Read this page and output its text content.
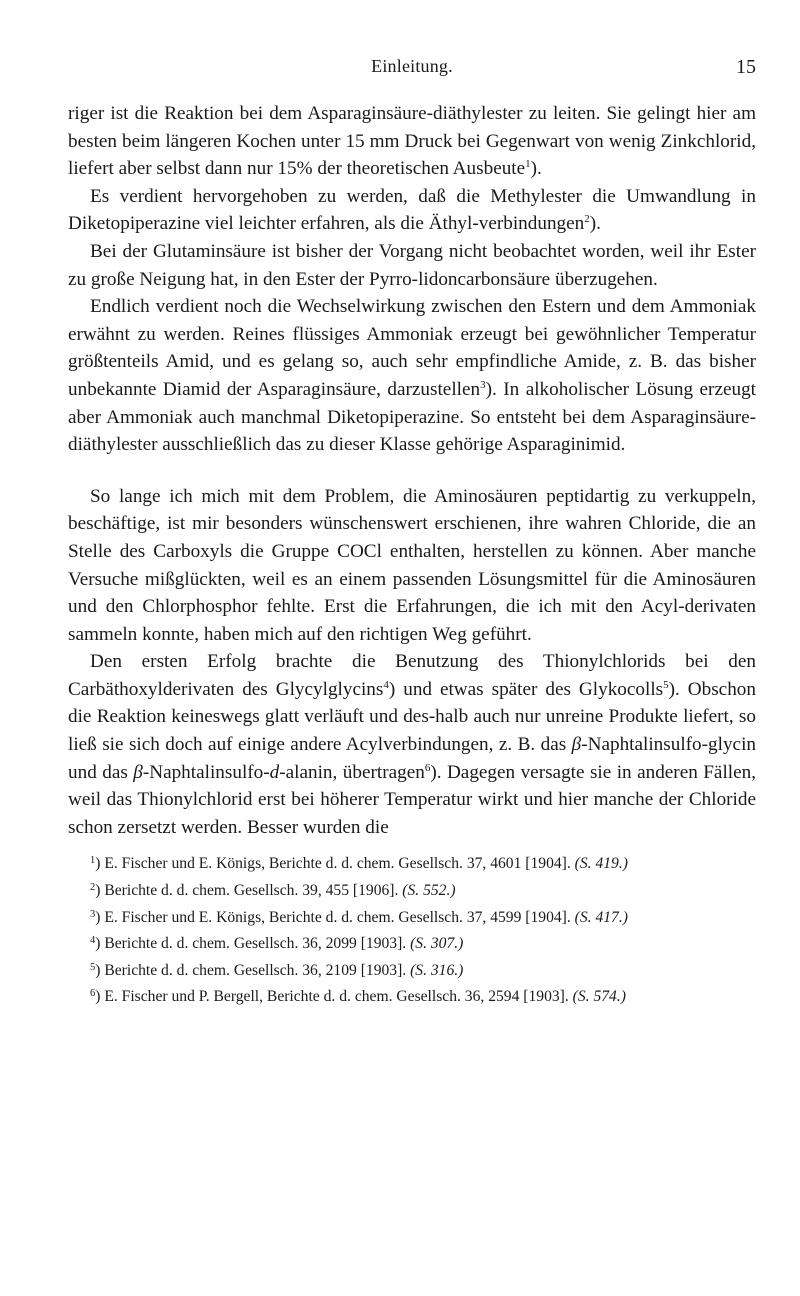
Einleitung.	15

riger ist die Reaktion bei dem Asparaginsäure-diäthylester zu leiten. Sie gelingt hier am besten beim längeren Kochen unter 15 mm Druck bei Gegenwart von wenig Zinkchlorid, liefert aber selbst dann nur 15% der theoretischen Ausbeute$^1$).

Es verdient hervorgehoben zu werden, daß die Methylester die Umwandlung in Diketopiperazine viel leichter erfahren, als die Äthyl-verbindungen$^2$).

Bei der Glutaminsäure ist bisher der Vorgang nicht beobachtet worden, weil ihr Ester zu große Neigung hat, in den Ester der Pyrro-lidoncarbonsäure überzugehen.

Endlich verdient noch die Wechselwirkung zwischen den Estern und dem Ammoniak erwähnt zu werden. Reines flüssiges Ammoniak erzeugt bei gewöhnlicher Temperatur größtenteils Amid, und es gelang so, auch sehr empfindliche Amide, z. B. das bisher unbekannte Diamid der Asparaginsäure, darzustellen$^3$). In alkoholischer Lösung erzeugt aber Ammoniak auch manchmal Diketopiperazine. So entsteht bei dem Asparaginsäure-diäthylester ausschließlich das zu dieser Klasse gehörige Asparaginimid.

So lange ich mich mit dem Problem, die Aminosäuren peptidartig zu verkuppeln, beschäftige, ist mir besonders wünschenswert erschienen, ihre wahren Chloride, die an Stelle des Carboxyls die Gruppe COCl enthalten, herstellen zu können. Aber manche Versuche mißglückten, weil es an einem passenden Lösungsmittel für die Aminosäuren und den Chlorphosphor fehlte. Erst die Erfahrungen, die ich mit den Acyl-derivaten sammeln konnte, haben mich auf den richtigen Weg geführt.

Den ersten Erfolg brachte die Benutzung des Thionylchlorids bei den Carbäthoxylderivaten des Glycylglycins$^4$) und etwas später des Glykocolls$^5$). Obschon die Reaktion keineswegs glatt verläuft und des-halb auch nur unreine Produkte liefert, so ließ sie sich doch auf einige andere Acylverbindungen, z. B. das β-Naphtalinsulfo-glycin und das β-Naphtalinsulfo-d-alanin, übertragen$^6$). Dagegen versagte sie in anderen Fällen, weil das Thionylchlorid erst bei höherer Temperatur wirkt und hier manche der Chloride schon zersetzt werden. Besser wurden die

$^1$) E. Fischer und E. Königs, Berichte d. d. chem. Gesellsch. 37, 4601 [1904]. (S. 419.)
$^2$) Berichte d. d. chem. Gesellsch. 39, 455 [1906]. (S. 552.)
$^3$) E. Fischer und E. Königs, Berichte d. d. chem. Gesellsch. 37, 4599 [1904]. (S. 417.)
$^4$) Berichte d. d. chem. Gesellsch. 36, 2099 [1903]. (S. 307.)
$^5$) Berichte d. d. chem. Gesellsch. 36, 2109 [1903]. (S. 316.)
$^6$) E. Fischer und P. Bergell, Berichte d. d. chem. Gesellsch. 36, 2594 [1903]. (S. 574.)
